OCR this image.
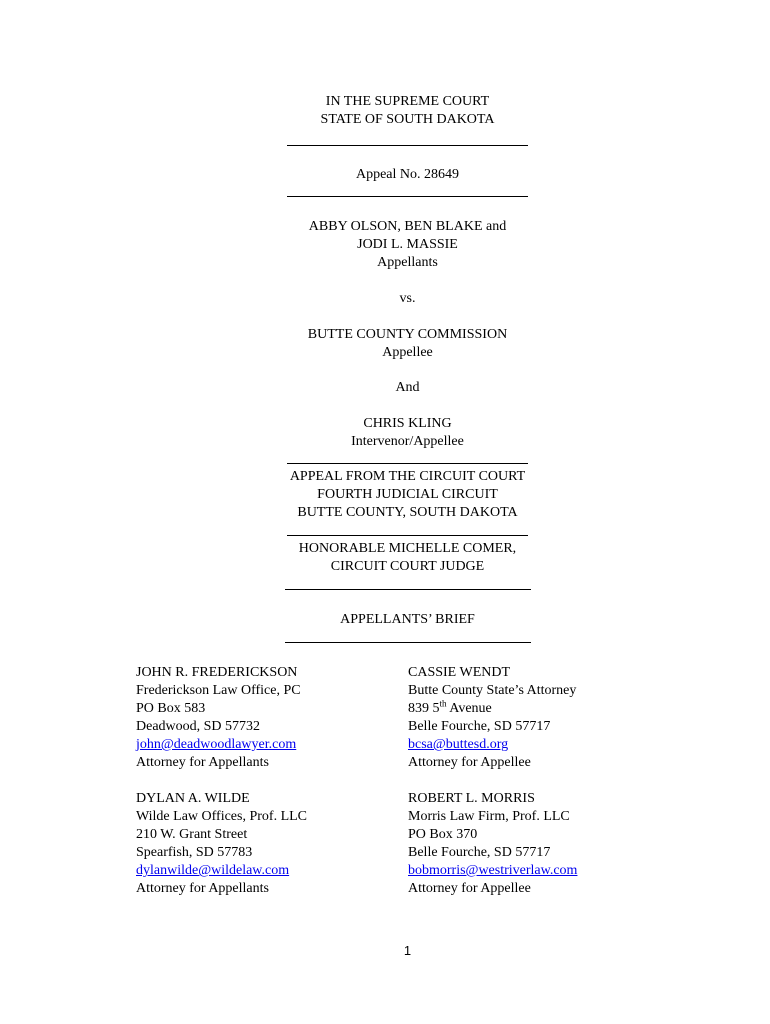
IN THE SUPREME COURT
STATE OF SOUTH DAKOTA
Appeal No. 28649
ABBY OLSON, BEN BLAKE and
JODI L. MASSIE
Appellants
vs.
BUTTE COUNTY COMMISSION
Appellee
And
CHRIS KLING
Intervenor/Appellee
APPEAL FROM THE CIRCUIT COURT
FOURTH JUDICIAL CIRCUIT
BUTTE COUNTY, SOUTH DAKOTA
HONORABLE MICHELLE COMER,
CIRCUIT COURT JUDGE
APPELLANTS’ BRIEF
JOHN R. FREDERICKSON
Frederickson Law Office, PC
PO Box 583
Deadwood, SD 57732
john@deadwoodlawyer.com
Attorney for Appellants
CASSIE WENDT
Butte County State’s Attorney
839 5th Avenue
Belle Fourche, SD 57717
bcsa@buttesd.org
Attorney for Appellee
DYLAN A. WILDE
Wilde Law Offices, Prof. LLC
210 W. Grant Street
Spearfish, SD 57783
dylanwilde@wildelaw.com
Attorney for Appellants
ROBERT L. MORRIS
Morris Law Firm, Prof. LLC
PO Box 370
Belle Fourche, SD 57717
bobmorris@westriverlaw.com
Attorney for Appellee
1
